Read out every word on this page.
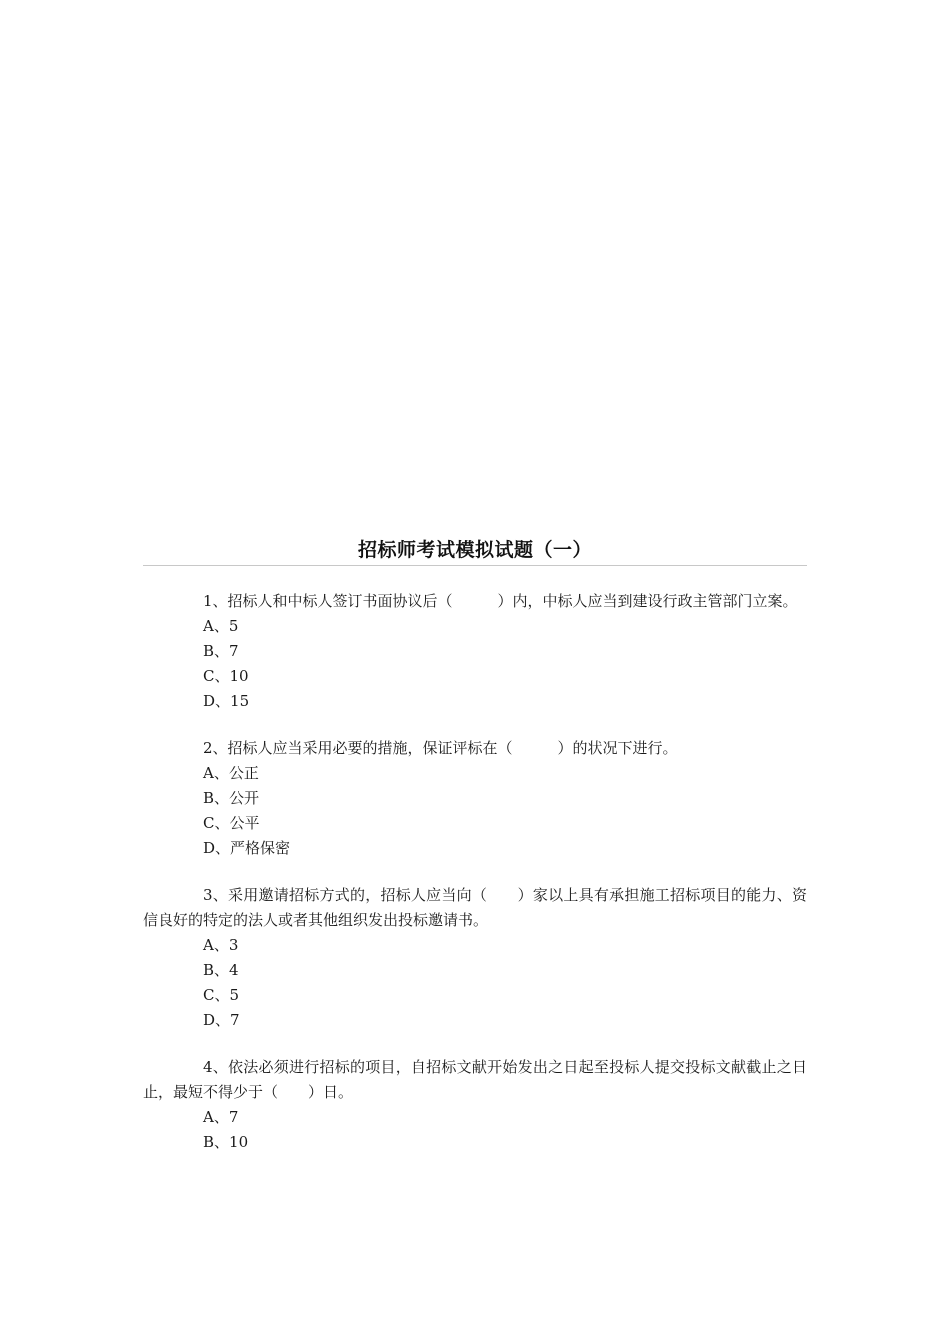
招标师考试模拟试题（一）

1、招标人和中标人签订书面协议后（　　　）内，中标人应当到建设行政主管部门立案。

A、5
B、7
C、10
D、15

2、招标人应当采用必要的措施，保证评标在（　　　）的状况下进行。

A、公正
B、公开
C、公平
D、严格保密

3、采用邀请招标方式的，招标人应当向（　　）家以上具有承担施工招标项目的能力、资信良好的特定的法人或者其他组织发出投标邀请书。

A、3
B、4
C、5
D、7

4、依法必须进行招标的项目，自招标文献开始发出之日起至投标人提交投标文献截止之日止，最短不得少于（　　）日。

A、7
B、10
